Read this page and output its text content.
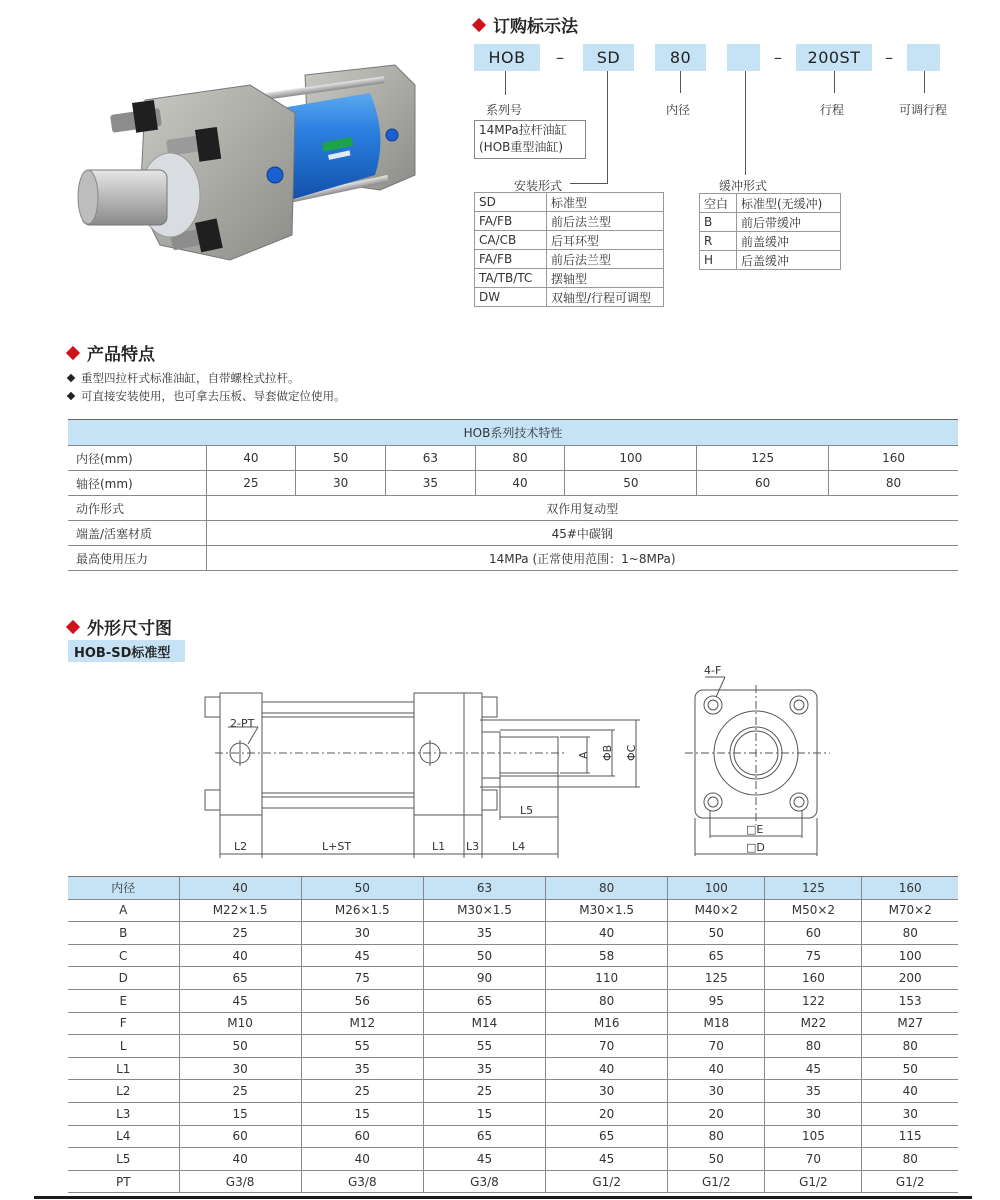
订购标示法
HOB	–	SD	80	–	200ST	–
系列号	内径	行程	可调行程
14MPa拉杆油缸
(HOB重型油缸)
安装形式
SD	标准型
FA/FB	前后法兰型
CA/CB	后耳环型
FA/FB	前后法兰型
TA/TB/TC	摆轴型
DW	双轴型/行程可调型
缓冲形式
空白	标准型(无缓冲)
B	前后带缓冲
R	前盖缓冲
H	后盖缓冲
产品特点
重型四拉杆式标准油缸，自带螺栓式拉杆。
可直接安装使用，也可拿去压板、导套做定位使用。
HOB系列技术特性							
内径(mm)	40	50	63	80	100	125	160
轴径(mm)	25	30	35	40	50	60	80
动作形式	双作用复动型						
端盖/活塞材质	45#中碳钢						
最高使用压力	14MPa (正常使用范围：1~8MPa)						
外形尺寸图
HOB-SD标准型
2-PT
A ΦB ΦC
L2	L+ST	L1 L3	L4
L5
4-F
□E
□D
内径	40	50	63	80	100	125	160
A	M22×1.5	M26×1.5	M30×1.5	M30×1.5	M40×2	M50×2	M70×2
B	25	30	35	40	50	60	80
C	40	45	50	58	65	75	100
D	65	75	90	110	125	160	200
E	45	56	65	80	95	122	153
F	M10	M12	M14	M16	M18	M22	M27
L	50	55	55	70	70	80	80
L1	30	35	35	40	40	45	50
L2	25	25	25	30	30	35	40
L3	15	15	15	20	20	30	30
L4	60	60	65	65	80	105	115
L5	40	40	45	45	50	70	80
PT	G3/8	G3/8	G3/8	G1/2	G1/2	G1/2	G1/2
